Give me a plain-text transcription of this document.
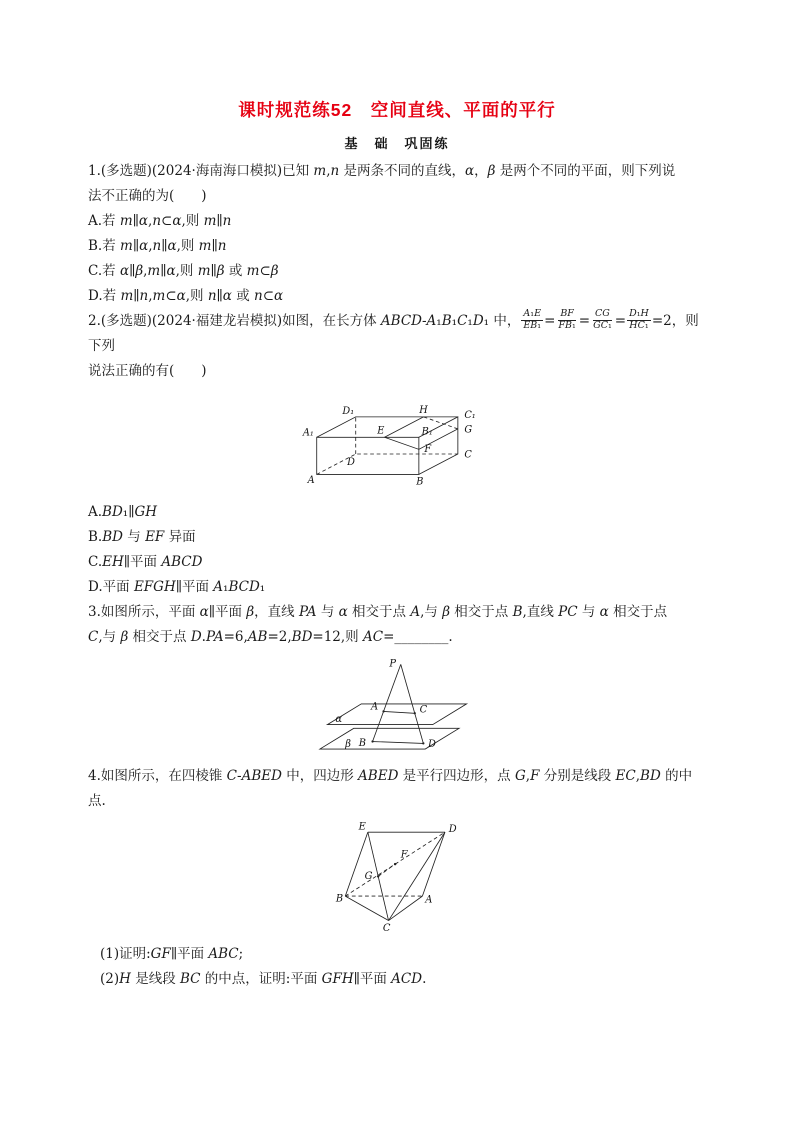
课时规范练52　空间直线、平面的平行
基　础　巩固练
1.(多选题)(2024·海南海口模拟)已知 m,n 是两条不同的直线，α，β 是两个不同的平面，则下列说
法不正确的为(　　)
A.若 m∥α,n⊂α,则 m∥n
B.若 m∥α,n∥α,则 m∥n
C.若 α∥β,m∥α,则 m∥β 或 m⊂β
D.若 m∥n,m⊂α,则 n∥α 或 n⊂α
2.(多选题)(2024·福建龙岩模拟)如图，在长方体 ABCD-A₁B₁C₁D₁ 中， $\frac{\text{A₁E}}{\text{EB₁}} = \frac{BF}{\text{FB₁}} = \frac{CG}{\text{GC₁}} = \frac{\text{D₁H}}{\text{HC₁}} =2$，则下列
说法正确的有(　　)
D₁	H	C₁
G
A₁	E	B₁
C
D
F
A	B
A.BD₁∥GH
B.BD 与 EF 异面
C.EH∥平面 ABCD
D.平面 EFGH∥平面 A₁BCD₁
3.如图所示，平面 α∥平面 β，直线 PA 与 α 相交于点 A,与 β 相交于点 B,直线 PC 与 α 相交于点
C,与 β 相交于点 D.PA=6,AB=2,BD=12,则 AC=________.
P
A	C
B	D
α
β
4.如图所示，在四棱锥 C-ABED 中，四边形 ABED 是平行四边形，点 G,F 分别是线段 EC,BD 的中点.
E	D
F
G
B	A
C
(1)证明:GF∥平面 ABC;
(2)H 是线段 BC 的中点，证明:平面 GFH∥平面 ACD.
